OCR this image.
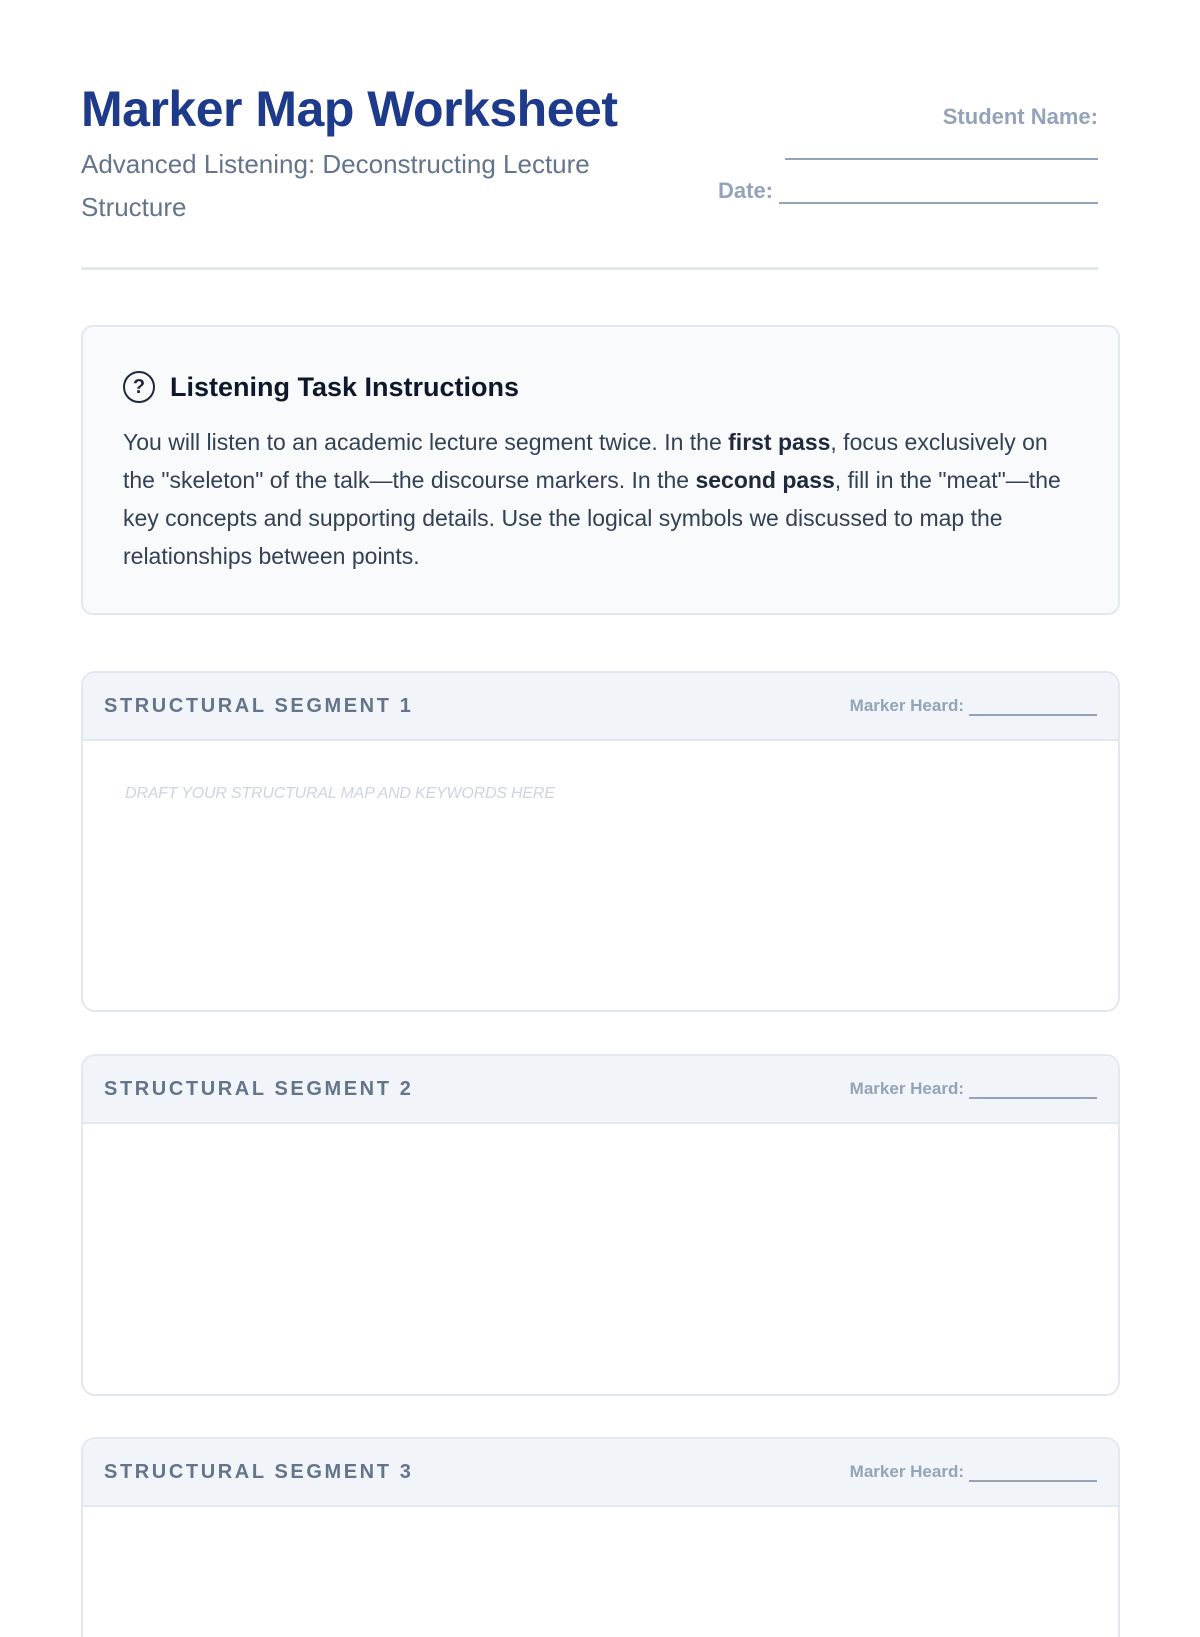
Marker Map Worksheet
Advanced Listening: Deconstructing Lecture Structure
Student Name:
Date:
? Listening Task Instructions

You will listen to an academic lecture segment twice. In the first pass, focus exclusively on the "skeleton" of the talk—the discourse markers. In the second pass, fill in the "meat"—the key concepts and supporting details. Use the logical symbols we discussed to map the relationships between points.

STRUCTURAL SEGMENT 1	Marker Heard:
DRAFT YOUR STRUCTURAL MAP AND KEYWORDS HERE
STRUCTURAL SEGMENT 2	Marker Heard:
STRUCTURAL SEGMENT 3	Marker Heard:
